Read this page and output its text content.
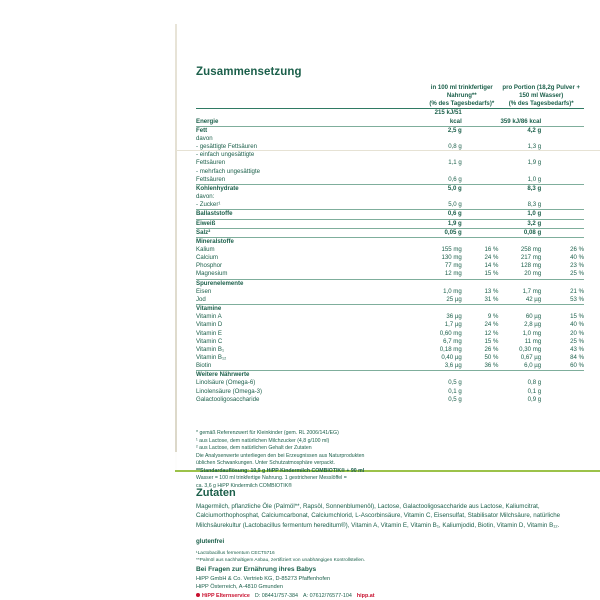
Zusammensetzung
	in 100 ml trinkfertiger Nahrung**		pro Portion (18,2g Pulver + 150 ml Wasser)	
	(% des Tagesbedarfs)*		(% des Tagesbedarfs)*	
Energie	215 kJ/51 kcal		359 kJ/86 kcal	
Fett	2,5 g		4,2 g	
davon				
- gesättigte Fettsäuren	0,8 g		1,3 g	
- einfach ungesättigte				
Fettsäuren	1,1 g		1,9 g	
- mehrfach ungesättigte				
Fettsäuren	0,6 g		1,0 g	
Kohlenhydrate	5,0 g		8,3 g	
davon:				
- Zucker¹	5,0 g		8,3 g	
Ballaststoffe	0,6 g		1,0 g	
Eiweiß	1,9 g		3,2 g	
Salz²	0,05 g		0,08 g	
Mineralstoffe				
Kalium	155 mg	16 %	258 mg	26 %
Calcium	130 mg	24 %	217 mg	40 %
Phosphor	77 mg	14 %	128 mg	23 %
Magnesium	12 mg	15 %	20 mg	25 %
Spurenelemente				
Eisen	1,0 mg	13 %	1,7 mg	21 %
Jod	25 µg	31 %	42 µg	53 %
Vitamine				
Vitamin A	36 µg	9 %	60 µg	15 %
Vitamin D	1,7 µg	24 %	2,8 µg	40 %
Vitamin E	0,60 mg	12 %	1,0 mg	20 %
Vitamin C	6,7 mg	15 %	11 mg	25 %
Vitamin B₁	0,18 mg	26 %	0,30 mg	43 %
Vitamin B₁₂	0,40 µg	50 %	0,67 µg	84 %
Biotin	3,6 µg	36 %	6,0 µg	60 %
Weitere Nährwerte				
Linolsäure (Omega-6)	0,5 g		0,8 g	
Linolensäure (Omega-3)	0,1 g		0,1 g	
Galactooligosaccharide	0,5 g		0,9 g	
* gemäß Referenzwert für Kleinkinder (gem. RL 2006/141/EG)
¹ aus Lactose, dem natürlichen Milchzucker (4,8 g/100 ml)
² aus Lactose, dem natürlichen Gehalt der Zutaten
Die Analysenwerte unterliegen den bei Erzeugnissen aus Naturprodukten
üblichen Schwankungen. Unter Schutzatmosphäre verpackt.
**Standardauflösung: 10,9 g HiPP Kindermilch COMBIOTIK® + 90 ml
Wasser = 100 ml trinkfertige Nahrung. 1 gestrichener Messlöffel =
ca. 3,6 g HiPP Kindermilch COMBIOTIK®
Zutaten

Magermilch, pflanzliche Öle (Palmöl**, Rapsöl, Sonnenblumenöl), Lactose, Galactooligosaccharide aus Lactose, Kaliumcitrat, Calciumorthophosphat, Calciumcarbonat, Calciumchlorid, L-Ascorbinsäure, Vitamin C, Eisensulfat, Stabilisator Milchsäure, natürliche Milchsäurekultur (Lactobacillus fermentum hereditum®), Vitamin A, Vitamin E, Vitamin B₁, Kaliumjodid, Biotin, Vitamin D, Vitamin B₁₂.

glutenfrei
¹Lactobacillus fermentum CECT5716
**Palmöl aus nachhaltigem Anbau, zertifiziert von unabhängigen Kontrollstellen.
Bei Fragen zur Ernährung ihres Babys
HiPP GmbH & Co. Vertrieb KG, D-85273 Pfaffenhofen
HiPP Österreich, A-4810 Gmunden
HiPP Elternservice D: 08441/757-384 A: 07612/76577-104 hipp.at
